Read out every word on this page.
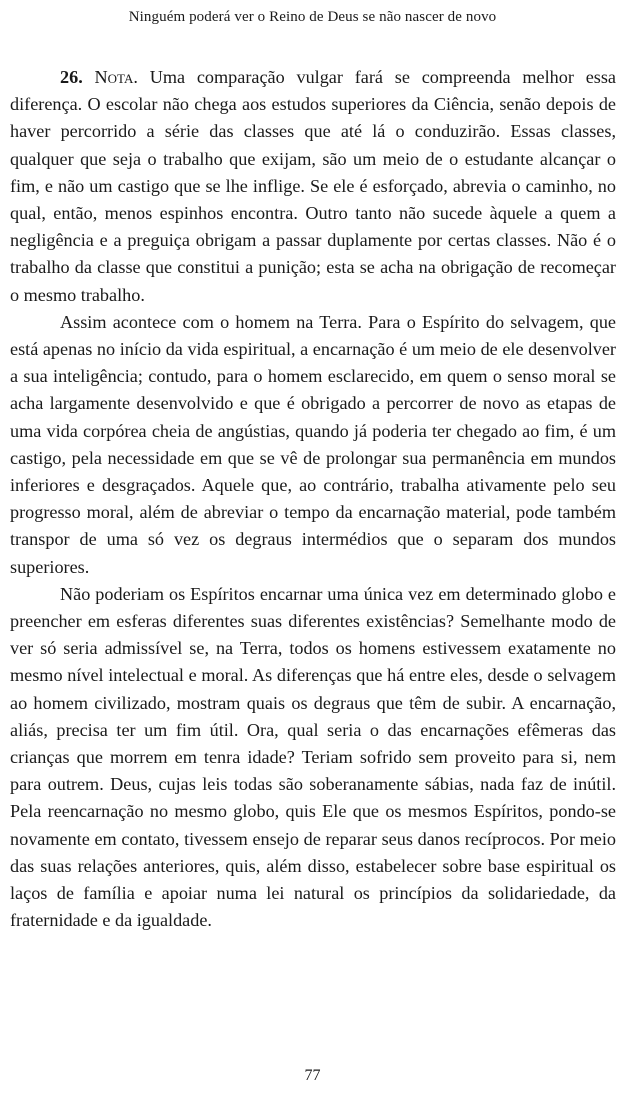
Ninguém poderá ver o Reino de Deus se não nascer de novo

26. Nota. Uma comparação vulgar fará se compreenda melhor essa diferença. O escolar não chega aos estudos superiores da Ciência, senão depois de haver percorrido a série das classes que até lá o conduzirão. Essas classes, qualquer que seja o trabalho que exijam, são um meio de o estudante alcançar o fim, e não um castigo que se lhe inflige. Se ele é esforçado, abrevia o caminho, no qual, então, menos espinhos encontra. Outro tanto não sucede àquele a quem a negligência e a preguiça obrigam a passar duplamente por certas classes. Não é o trabalho da classe que constitui a punição; esta se acha na obrigação de recomeçar o mesmo trabalho.

Assim acontece com o homem na Terra. Para o Espírito do selvagem, que está apenas no início da vida espiritual, a encarnação é um meio de ele desenvolver a sua inteligência; contudo, para o homem esclarecido, em quem o senso moral se acha largamente desenvolvido e que é obrigado a percorrer de novo as etapas de uma vida corpórea cheia de angústias, quando já poderia ter chegado ao fim, é um castigo, pela necessidade em que se vê de prolongar sua permanência em mundos inferiores e desgraçados. Aquele que, ao contrário, trabalha ativamente pelo seu progresso moral, além de abreviar o tempo da encarnação material, pode também transpor de uma só vez os degraus intermédios que o separam dos mundos superiores.

Não poderiam os Espíritos encarnar uma única vez em determinado globo e preencher em esferas diferentes suas diferentes existências? Semelhante modo de ver só seria admissível se, na Terra, todos os homens estivessem exatamente no mesmo nível intelectual e moral. As diferenças que há entre eles, desde o selvagem ao homem civilizado, mostram quais os degraus que têm de subir. A encarnação, aliás, precisa ter um fim útil. Ora, qual seria o das encarnações efêmeras das crianças que morrem em tenra idade? Teriam sofrido sem proveito para si, nem para outrem. Deus, cujas leis todas são soberanamente sábias, nada faz de inútil. Pela reencarnação no mesmo globo, quis Ele que os mesmos Espíritos, pondo-se novamente em contato, tivessem ensejo de reparar seus danos recíprocos. Por meio das suas relações anteriores, quis, além disso, estabelecer sobre base espiritual os laços de família e apoiar numa lei natural os princípios da solidariedade, da fraternidade e da igualdade.

77
